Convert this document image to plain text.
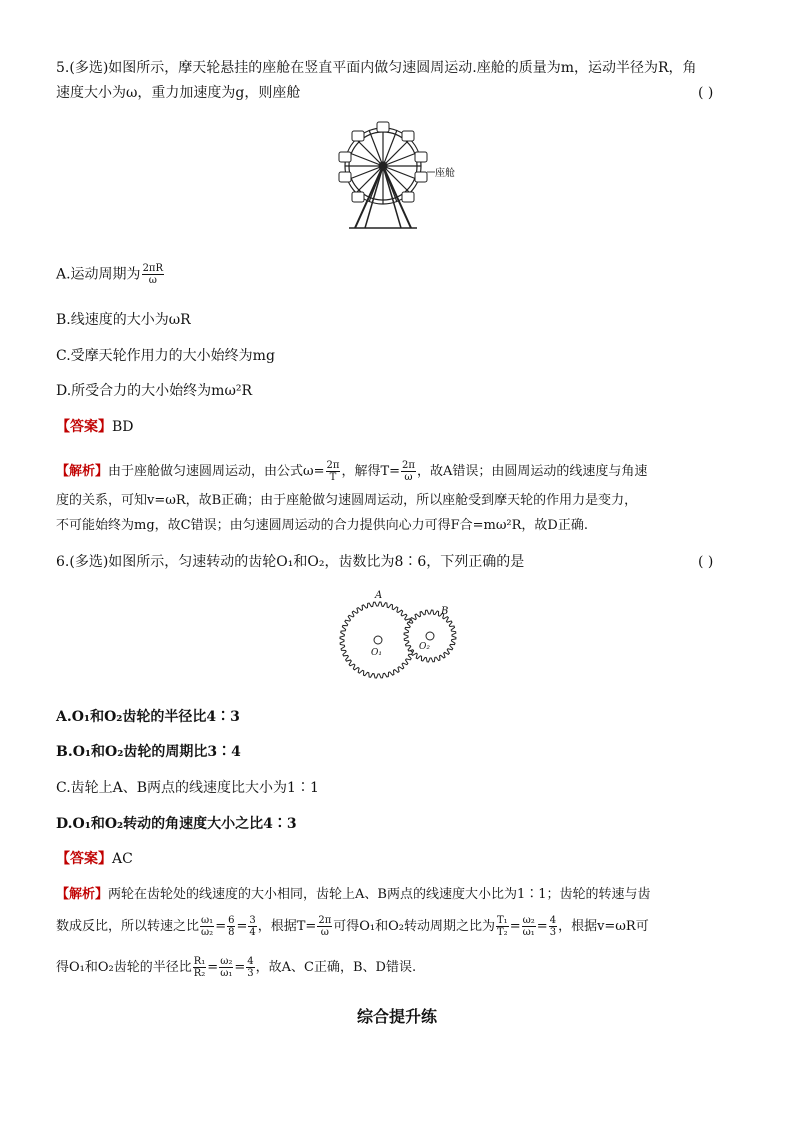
5.(多选)如图所示，摩天轮悬挂的座舱在竖直平面内做匀速圆周运动.座舱的质量为m，运动半径为R，角
速度大小为ω，重力加速度为g，则座舱	( )
座舱
A.运动周期为 $\frac{2\pi R}{\omega}$
B.线速度的大小为ωR
C.受摩天轮作用力的大小始终为mg
D.所受合力的大小始终为mω²R
【答案】BD
【解析】由于座舱做匀速圆周运动，由公式$\omega= \frac{2\pi}{T}$ ，解得$T= \frac{2\pi}{\omega}$ ，故A错误；由圆周运动的线速度与角速
度的关系，可知v=ωR，故B正确；由于座舱做匀速圆周运动，所以座舱受到摩天轮的作用力是变力，
不可能始终为mg，故C错误；由匀速圆周运动的合力提供向心力可得F合=mω²R，故D正确.
6.(多选)如图所示，匀速转动的齿轮O₁和O₂，齿数比为8∶6，下列正确的是	( )
A
B
O₁
O₂
A.O₁和O₂齿轮的半径比4∶3
B.O₁和O₂齿轮的周期比3∶4
C.齿轮上A、B两点的线速度比大小为1∶1
D.O₁和O₂转动的角速度大小之比4∶3
【答案】AC
【解析】两轮在齿轮处的线速度的大小相同，齿轮上A、B两点的线速度大小比为1∶1；齿轮的转速与齿
数成反比，所以转速之比 $\frac{\text{ω₁}}{\text{ω₂}} = \frac{6}{8} = \frac{3}{4}$ ，根据$T= \frac{2\pi}{\omega}$ 可得O₁和O₂转动周期之比为 $\frac{\text{T₁}}{\text{T₂}} = \frac{\text{ω₂}}{\text{ω₁}} = \frac{4}{3}$ ，根据v=ωR可
得O₁和O₂齿轮的半径比 $\frac{\text{R₁}}{\text{R₂}} = \frac{\text{ω₂}}{\text{ω₁}} = \frac{4}{3}$ ，故A、C正确，B、D错误.
综合提升练
